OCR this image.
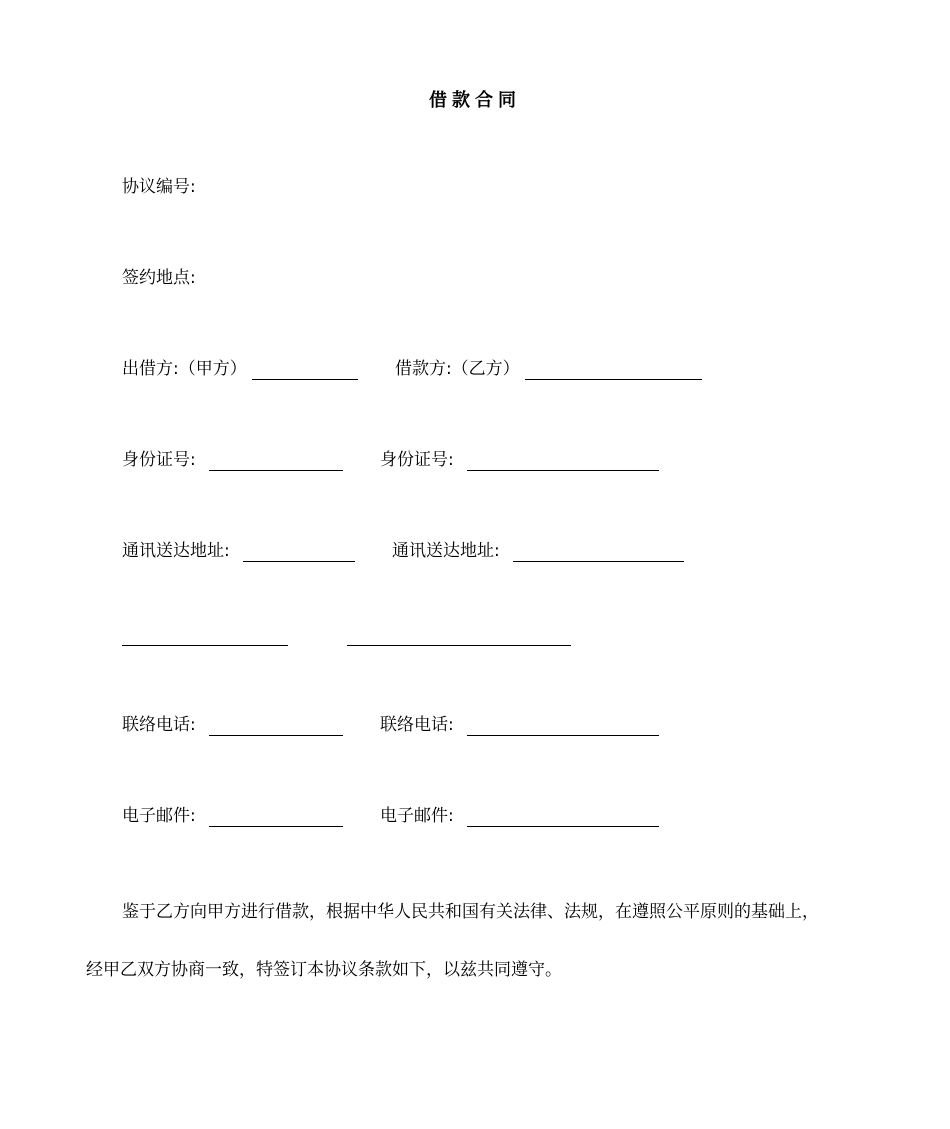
借款合同
协议编号:
签约地点:
出借方:（甲方）	借款方:（乙方）
身份证号:	身份证号:
通讯送达地址:	通讯送达地址:

联络电话:	联络电话:
电子邮件:	电子邮件:
鉴于乙方向甲方进行借款，根据中华人民共和国有关法律、法规，在遵照公平原则的基础上，
经甲乙双方协商一致，特签订本协议条款如下，以兹共同遵守。
